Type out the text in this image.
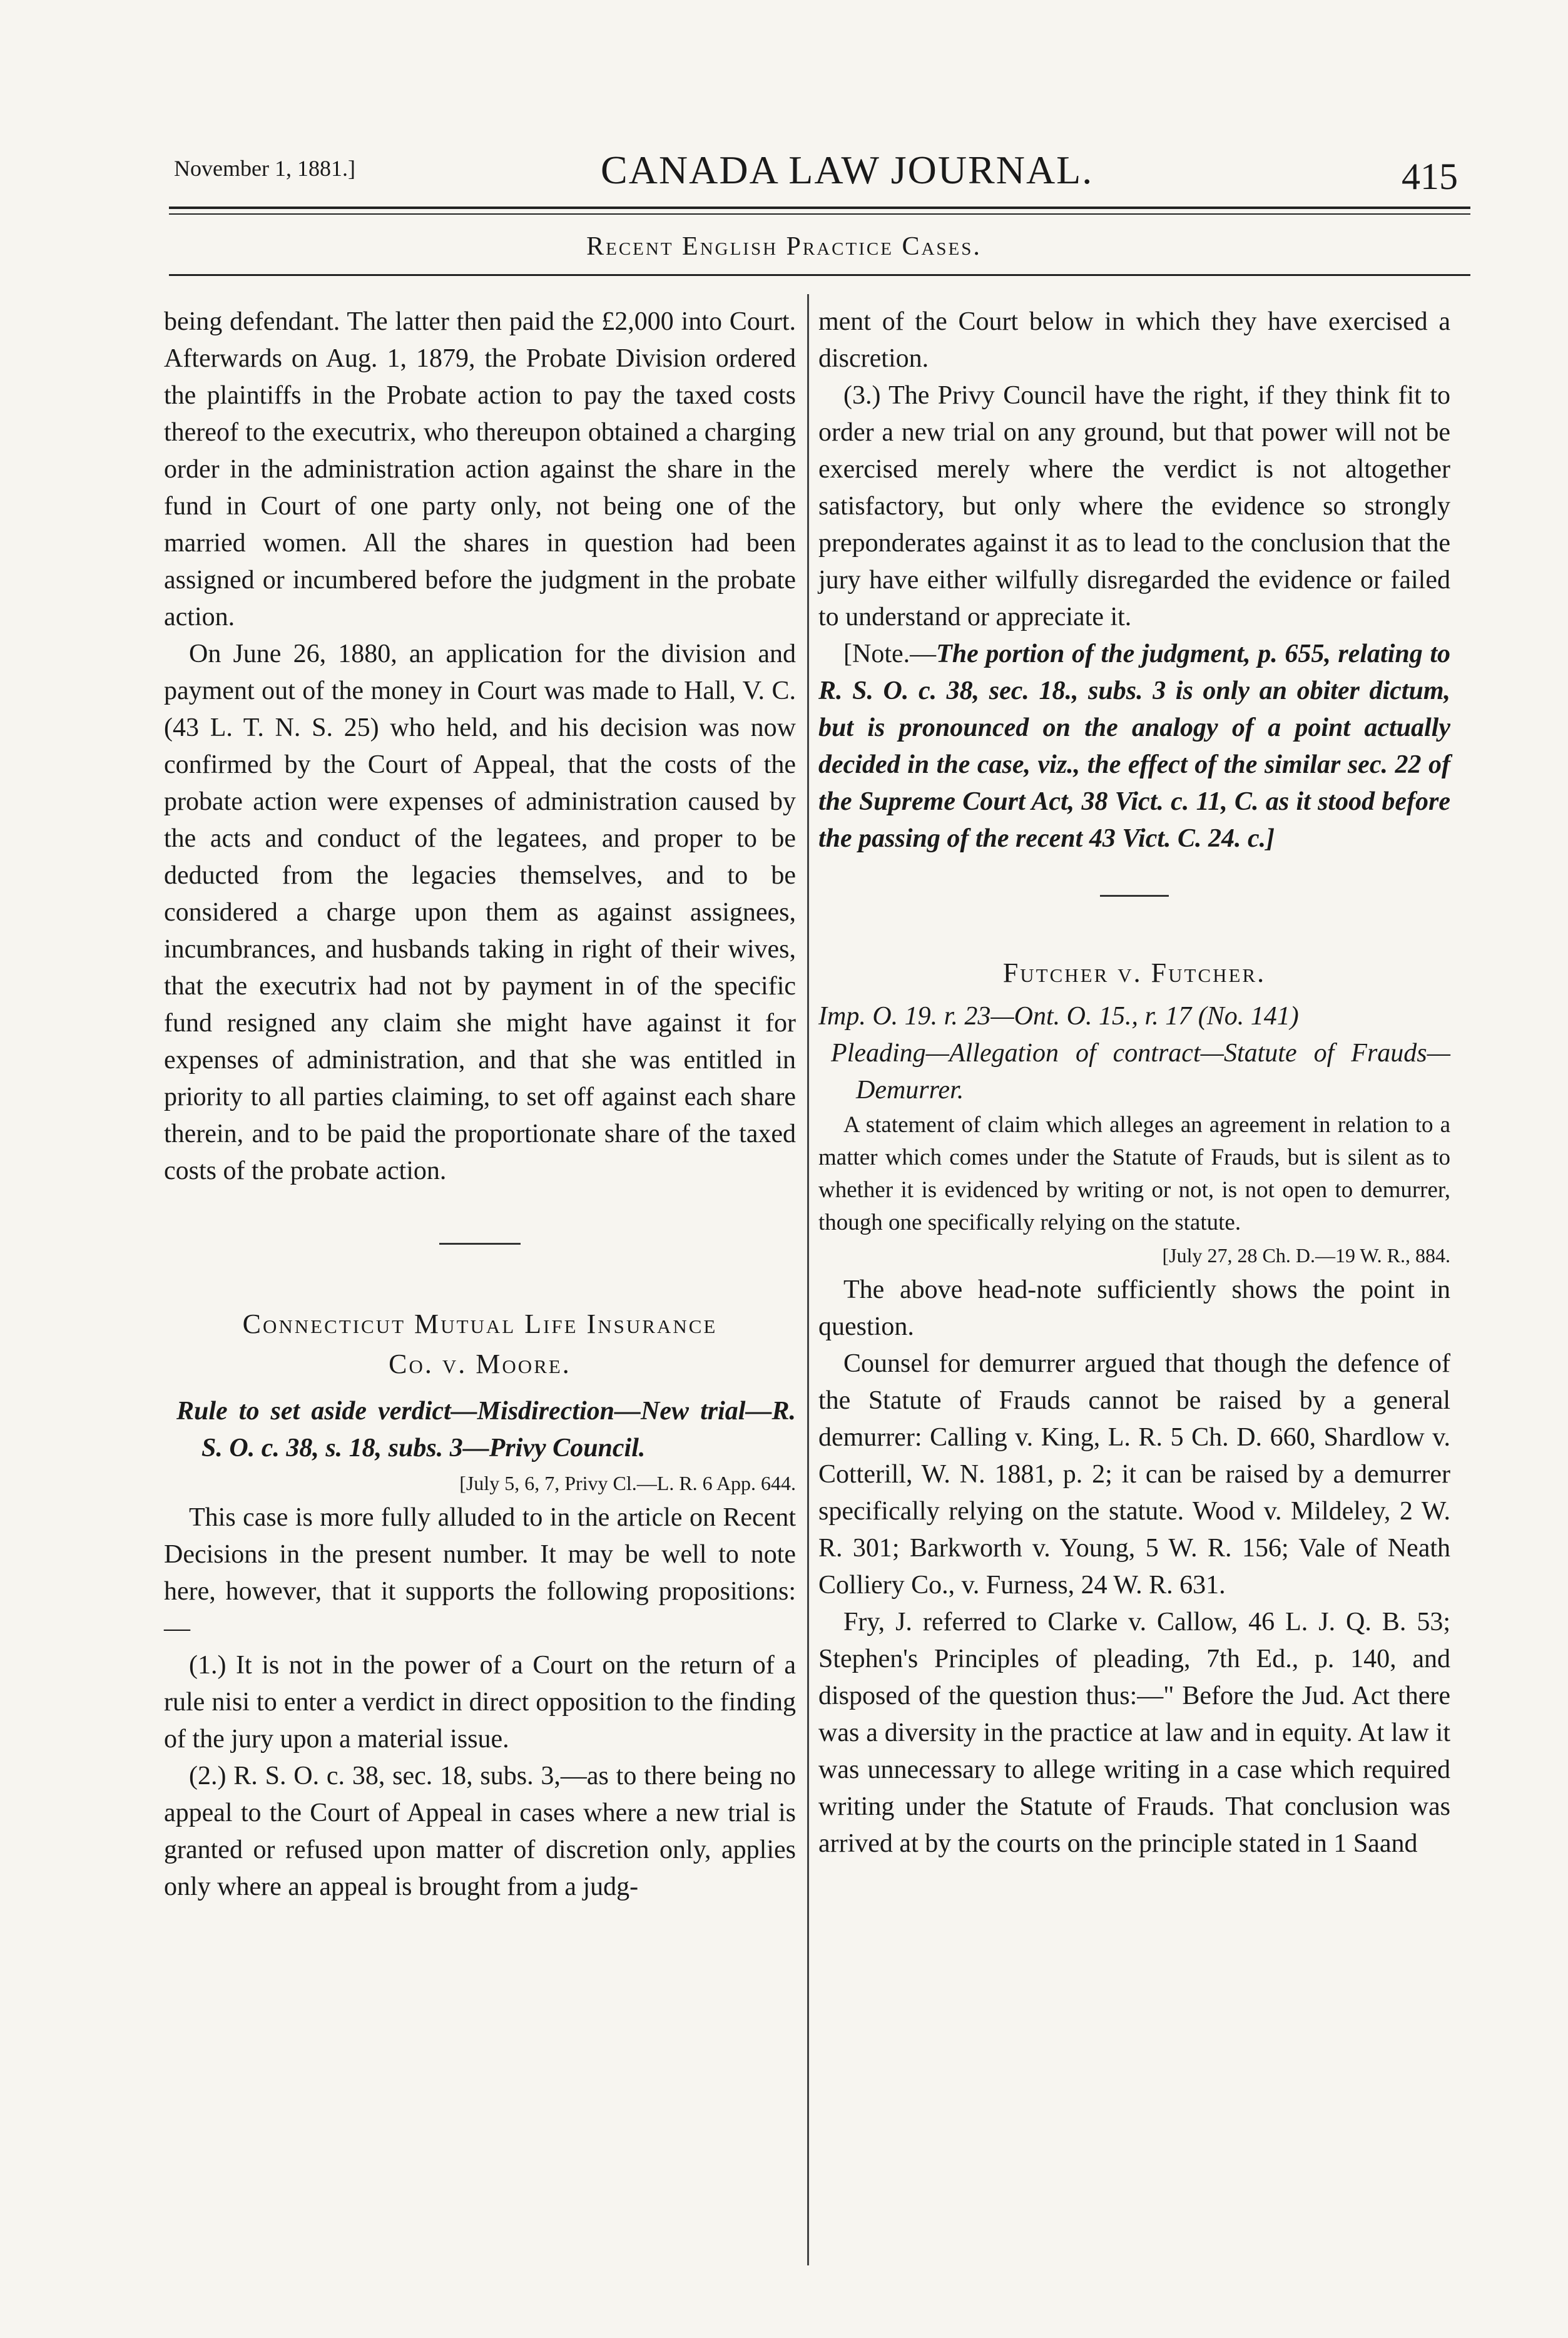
November 1, 1881.]	CANADA LAW JOURNAL.	415
Recent English Practice Cases.

being defendant. The latter then paid the £2,000 into Court. Afterwards on Aug. 1, 1879, the Probate Division ordered the plaintiffs in the Probate action to pay the taxed costs thereof to the executrix, who thereupon obtained a charging order in the administration action against the share in the fund in Court of one party only, not being one of the married women. All the shares in question had been assigned or incumbered before the judgment in the probate action.

On June 26, 1880, an application for the division and payment out of the money in Court was made to Hall, V. C. (43 L. T. N. S. 25) who held, and his decision was now confirmed by the Court of Appeal, that the costs of the probate action were expenses of administration caused by the acts and conduct of the legatees, and proper to be deducted from the legacies themselves, and to be considered a charge upon them as against assignees, incumbrances, and husbands taking in right of their wives, that the executrix had not by payment in of the specific fund resigned any claim she might have against it for expenses of administration, and that she was entitled in priority to all parties claiming, to set off against each share therein, and to be paid the proportionate share of the taxed costs of the probate action.

Connecticut Mutual Life Insurance

Co. v. Moore.

Rule to set aside verdict—Misdirection—New trial—R. S. O. c. 38, s. 18, subs. 3—Privy Council.

[July 5, 6, 7, Privy Cl.—L. R. 6 App. 644.

This case is more fully alluded to in the article on Recent Decisions in the present number. It may be well to note here, however, that it supports the following propositions:—

(1.) It is not in the power of a Court on the return of a rule nisi to enter a verdict in direct opposition to the finding of the jury upon a material issue.

(2.) R. S. O. c. 38, sec. 18, subs. 3,—as to there being no appeal to the Court of Appeal in cases where a new trial is granted or refused upon matter of discretion only, applies only where an appeal is brought from a judg-

ment of the Court below in which they have exercised a discretion.

(3.) The Privy Council have the right, if they think fit to order a new trial on any ground, but that power will not be exercised merely where the verdict is not altogether satisfactory, but only where the evidence so strongly preponderates against it as to lead to the conclusion that the jury have either wilfully disregarded the evidence or failed to understand or appreciate it.

[Note.—The portion of the judgment, p. 655, relating to R. S. O. c. 38, sec. 18., subs. 3 is only an obiter dictum, but is pronounced on the analogy of a point actually decided in the case, viz., the effect of the similar sec. 22 of the Supreme Court Act, 38 Vict. c. 11, C. as it stood before the passing of the recent 43 Vict. C. 24. c.]

Futcher v. Futcher.

Imp. O. 19. r. 23—Ont. O. 15., r. 17 (No. 141)

Pleading—Allegation of contract—Statute of Frauds—Demurrer.

A statement of claim which alleges an agreement in relation to a matter which comes under the Statute of Frauds, but is silent as to whether it is evidenced by writing or not, is not open to demurrer, though one specifically relying on the statute.

[July 27, 28 Ch. D.—19 W. R., 884.

The above head-note sufficiently shows the point in question.

Counsel for demurrer argued that though the defence of the Statute of Frauds cannot be raised by a general demurrer: Calling v. King, L. R. 5 Ch. D. 660, Shardlow v. Cotterill, W. N. 1881, p. 2; it can be raised by a demurrer specifically relying on the statute. Wood v. Mildeley, 2 W. R. 301; Barkworth v. Young, 5 W. R. 156; Vale of Neath Colliery Co., v. Furness, 24 W. R. 631.

Fry, J. referred to Clarke v. Callow, 46 L. J. Q. B. 53; Stephen's Principles of pleading, 7th Ed., p. 140, and disposed of the question thus:—" Before the Jud. Act there was a diversity in the practice at law and in equity. At law it was unnecessary to allege writing in a case which required writing under the Statute of Frauds. That conclusion was arrived at by the courts on the principle stated in 1 Saand
